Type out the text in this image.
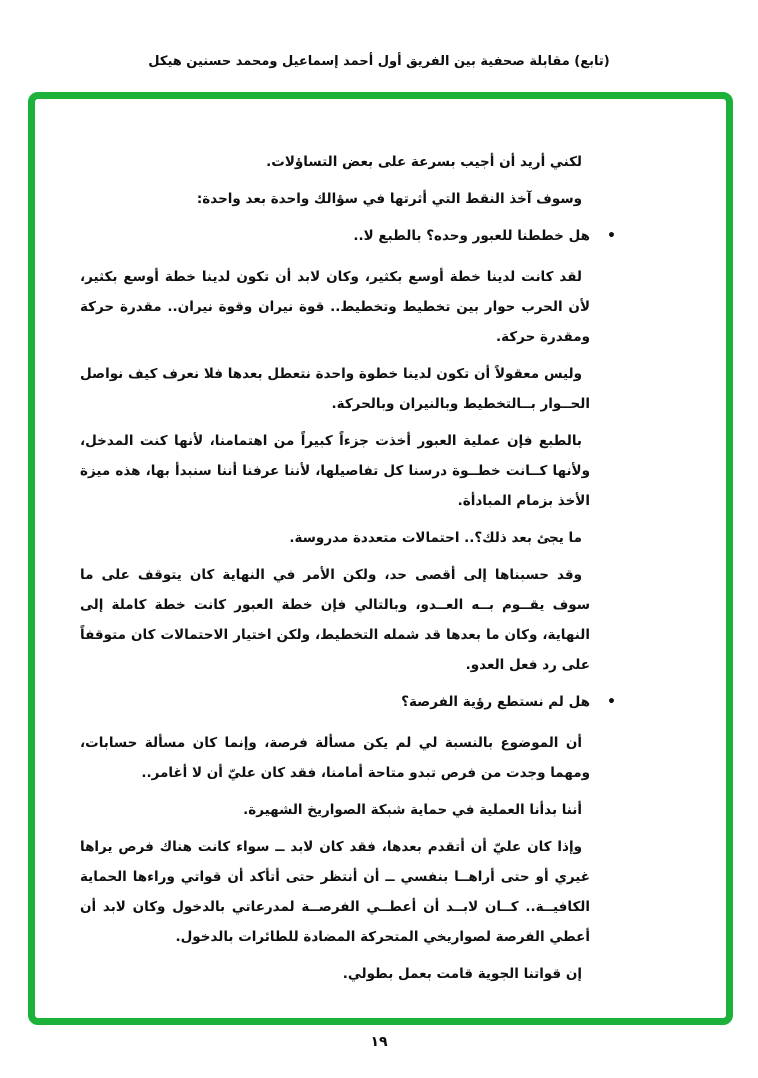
(تابع) مقابلة صحفية بين الفريق أول أحمد إسماعيل ومحمد حسنين هيكل

لكني أريد أن أجيب بسرعة على بعض التساؤلات.

وسوف آخذ النقط التي أثرتها في سؤالك واحدة بعد واحدة:

•
هل خططنا للعبور وحده؟ بالطبع لا..

لقد كانت لدينا خطة أوسع بكثير، وكان لابد أن تكون لدينا خطة أوسع بكثير، لأن الحرب حوار بين تخطيط وتخطيط.. قوة نيران وقوة نيران.. مقدرة حركة ومقدرة حركة.

وليس معقولاً أن تكون لدينا خطوة واحدة نتعطل بعدها فلا نعرف كيف نواصل الحــوار بــالتخطيط وبالنيران وبالحركة.

بالطبع فإن عملية العبور أخذت جزءاً كبيراً من اهتمامنا، لأنها كنت المدخل، ولأنها كــانت خطــوة درسنا كل تفاصيلها، لأننا عرفنا أننا سنبدأ بها، هذه ميزة الأخذ بزمام المبادأة.

ما يجئ بعد ذلك؟.. احتمالات متعددة مدروسة.

وقد حسبناها إلى أقصى حد، ولكن الأمر في النهاية كان يتوقف على ما سوف يقــوم بــه العــدو، وبالتالي فإن خطة العبور كانت خطة كاملة إلى النهاية، وكان ما بعدها قد شمله التخطيط، ولكن اختيار الاحتمالات كان متوقفاً على رد فعل العدو.

•
هل لم نستطع رؤية الفرصة؟

أن الموضوع بالنسبة لي لم يكن مسألة فرصة، وإنما كان مسألة حسابات، ومهما وجدت من فرص تبدو متاحة أمامنا، فقد كان عليّ أن لا أغامر..

أننا بدأنا العملية في حماية شبكة الصواريخ الشهيرة.

وإذا كان عليّ أن أتقدم بعدها، فقد كان لابد ــ سواء كانت هناك فرص يراها غيري أو حتى أراهــا بنفسي ــ أن أنتظر حتى أتأكد أن قواتي وراءها الحماية الكافيــة.. كــان لابــد أن أعطــي الفرصــة لمدرعاتي بالدخول وكان لابد أن أعطي الفرصة لصواريخي المتحركة المضادة للطائرات بالدخول.

إن قواتنا الجوية قامت بعمل بطولي.

١٩
